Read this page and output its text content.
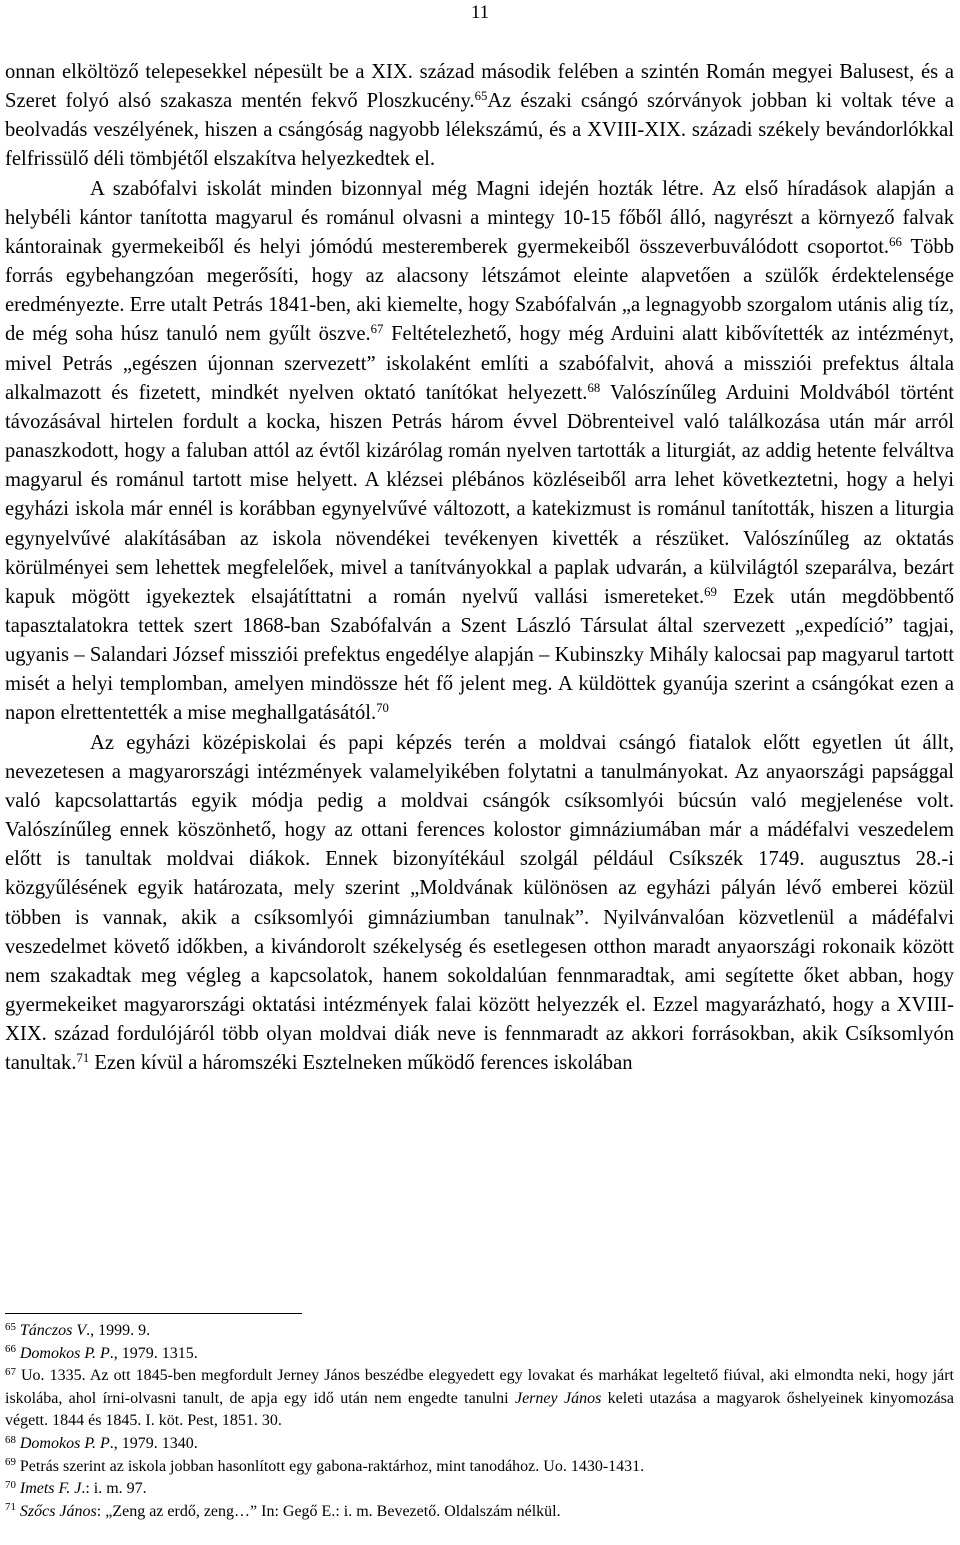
11

onnan elköltöző telepesekkel népesült be a XIX. század második felében a szintén Román megyei Balusest, és a Szeret folyó alsó szakasza mentén fekvő Ploszkucény.$^{65}$Az északi csángó szórványok jobban ki voltak téve a beolvadás veszélyének, hiszen a csángóság nagyobb lélekszámú, és a XVIII-XIX. századi székely bevándorlókkal felfrissülő déli tömbjétől elszakítva helyezkedtek el.

A szabófalvi iskolát minden bizonnyal még Magni idején hozták létre. Az első híradások alapján a helybéli kántor tanította magyarul és románul olvasni a mintegy 10-15 főből álló, nagyrészt a környező falvak kántorainak gyermekeiből és helyi jómódú mesteremberek gyermekeiből összeverbuválódott csoportot.$^{66}$ Több forrás egybehangzóan megerősíti, hogy az alacsony létszámot eleinte alapvetően a szülők érdektelensége eredményezte. Erre utalt Petrás 1841-ben, aki kiemelte, hogy Szabófalván „a legnagyobb szorgalom utánis alig tíz, de még soha húsz tanuló nem gyűlt öszve.$^{67}$ Feltételezhető, hogy még Arduini alatt kibővítették az intézményt, mivel Petrás „egészen újonnan szervezett” iskolaként említi a szabófalvit, ahová a missziói prefektus általa alkalmazott és fizetett, mindkét nyelven oktató tanítókat helyezett.$^{68}$ Valószínűleg Arduini Moldvából történt távozásával hirtelen fordult a kocka, hiszen Petrás három évvel Döbrenteivel való találkozása után már arról panaszkodott, hogy a faluban attól az évtől kizárólag román nyelven tartották a liturgiát, az addig hetente felváltva magyarul és románul tartott mise helyett. A klézsei plébános közléseiből arra lehet következtetni, hogy a helyi egyházi iskola már ennél is korábban egynyelvűvé változott, a katekizmust is románul tanították, hiszen a liturgia egynyelvűvé alakításában az iskola növendékei tevékenyen kivették a részüket. Valószínűleg az oktatás körülményei sem lehettek megfelelőek, mivel a tanítványokkal a paplak udvarán, a külvilágtól szeparálva, bezárt kapuk mögött igyekeztek elsajátíttatni a román nyelvű vallási ismereteket.$^{69}$ Ezek után megdöbbentő tapasztalatokra tettek szert 1868-ban Szabófalván a Szent László Társulat által szervezett „expedíció” tagjai, ugyanis – Salandari József missziói prefektus engedélye alapján – Kubinszky Mihály kalocsai pap magyarul tartott misét a helyi templomban, amelyen mindössze hét fő jelent meg. A küldöttek gyanúja szerint a csángókat ezen a napon elrettentették a mise meghallgatásától.$^{70}$

Az egyházi középiskolai és papi képzés terén a moldvai csángó fiatalok előtt egyetlen út állt, nevezetesen a magyarországi intézmények valamelyikében folytatni a tanulmányokat. Az anyaországi papsággal való kapcsolattartás egyik módja pedig a moldvai csángók csíksomlyói búcsún való megjelenése volt. Valószínűleg ennek köszönhető, hogy az ottani ferences kolostor gimnáziumában már a mádéfalvi veszedelem előtt is tanultak moldvai diákok. Ennek bizonyítékául szolgál például Csíkszék 1749. augusztus 28.-i közgyűlésének egyik határozata, mely szerint „Moldvának különösen az egyházi pályán lévő emberei közül többen is vannak, akik a csíksomlyói gimnáziumban tanulnak”. Nyilvánvalóan közvetlenül a mádéfalvi veszedelmet követő időkben, a kivándorolt székelység és esetlegesen otthon maradt anyaországi rokonaik között nem szakadtak meg végleg a kapcsolatok, hanem sokoldalúan fennmaradtak, ami segítette őket abban, hogy gyermekeiket magyarországi oktatási intézmények falai között helyezzék el. Ezzel magyarázható, hogy a XVIII-XIX. század fordulójáról több olyan moldvai diák neve is fennmaradt az akkori forrásokban, akik Csíksomlyón tanultak.$^{71}$ Ezen kívül a háromszéki Esztelneken működő ferences iskolában

$^{65}$ Tánczos V., 1999. 9.

$^{66}$ Domokos P. P., 1979. 1315.

$^{67}$ Uo. 1335. Az ott 1845-ben megfordult Jerney János beszédbe elegyedett egy lovakat és marhákat legeltető fiúval, aki elmondta neki, hogy járt iskolába, ahol írni-olvasni tanult, de apja egy idő után nem engedte tanulni Jerney János keleti utazása a magyarok őshelyeinek kinyomozása végett. 1844 és 1845. I. köt. Pest, 1851. 30.

$^{68}$ Domokos P. P., 1979. 1340.

$^{69}$ Petrás szerint az iskola jobban hasonlított egy gabona-raktárhoz, mint tanodához. Uo. 1430-1431.

$^{70}$ Imets F. J.: i. m. 97.

$^{71}$ Szőcs János: „Zeng az erdő, zeng…” In: Gegő E.: i. m. Bevezető. Oldalszám nélkül.
